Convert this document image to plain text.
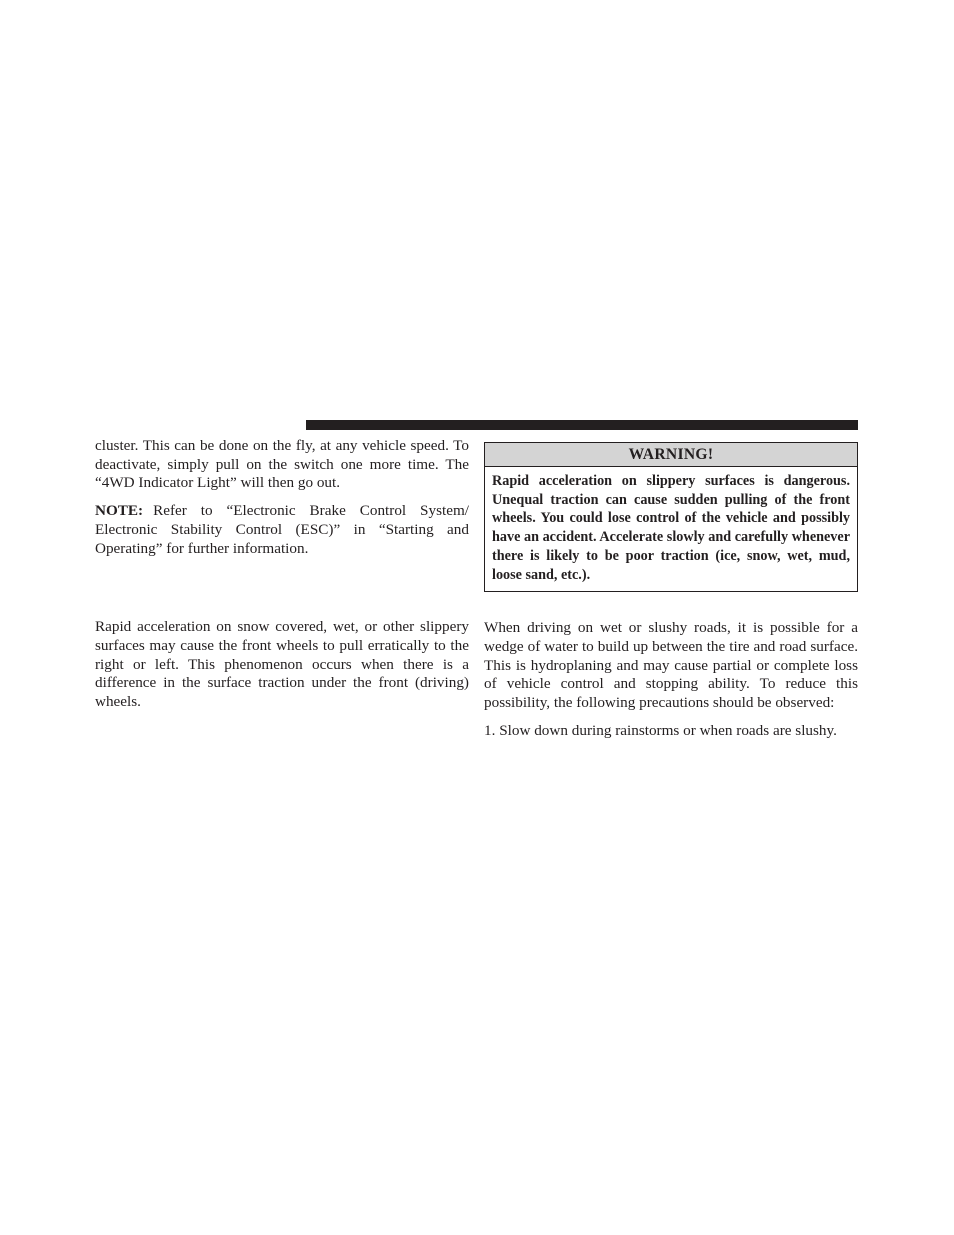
cluster. This can be done on the fly, at any vehicle speed. To deactivate, simply pull on the switch one more time. The “4WD Indicator Light” will then go out.

NOTE: Refer to “Electronic Brake Control System/ Electronic Stability Control (ESC)” in “Starting and Operating” for further information.

Rapid acceleration on snow covered, wet, or other slippery surfaces may cause the front wheels to pull erratically to the right or left. This phenomenon occurs when there is a difference in the surface traction under the front (driving) wheels.

WARNING!
Rapid acceleration on slippery surfaces is dangerous. Unequal traction can cause sudden pulling of the front wheels. You could lose control of the vehicle and possibly have an accident. Accelerate slowly and carefully whenever there is likely to be poor traction (ice, snow, wet, mud, loose sand, etc.).

When driving on wet or slushy roads, it is possible for a wedge of water to build up between the tire and road surface. This is hydroplaning and may cause partial or complete loss of vehicle control and stopping ability. To reduce this possibility, the following precautions should be observed:

1. Slow down during rainstorms or when roads are slushy.
